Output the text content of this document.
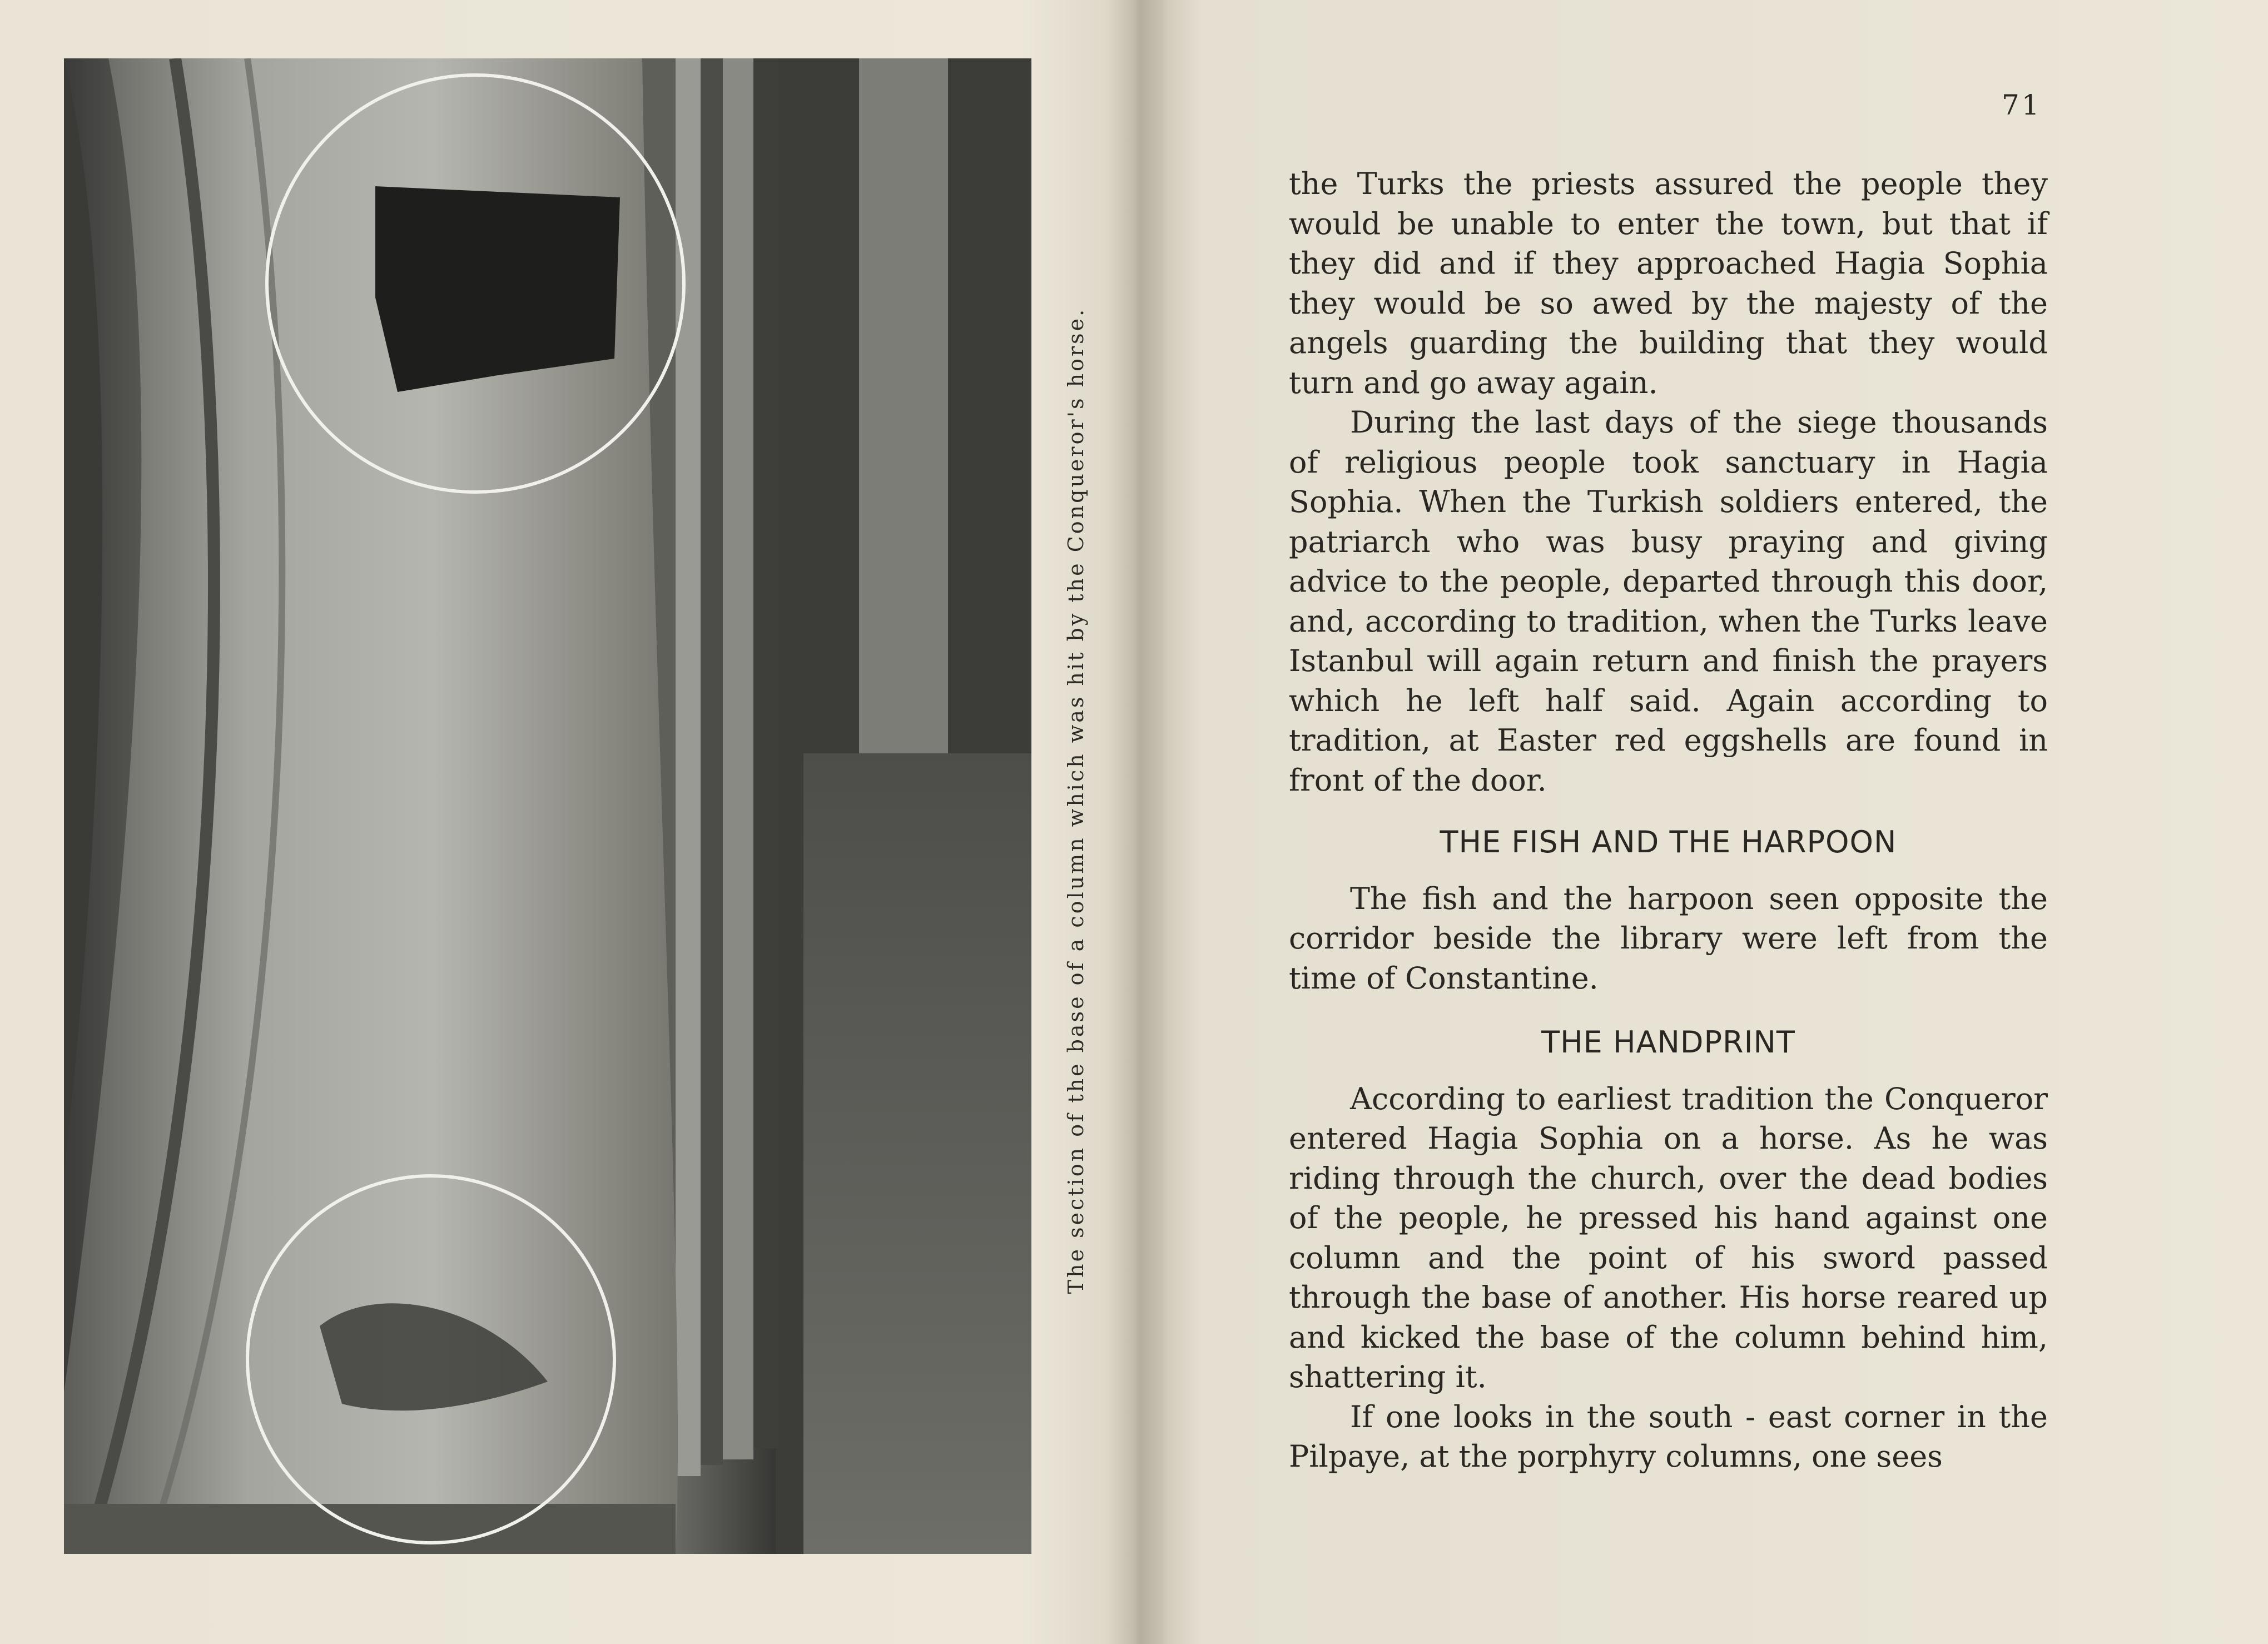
The section of the base of a column which was hit by the Conqueror's horse.
71

the Turks the priests assured the people they would be unable to enter the town, but that if they did and if they approached Hagia Sophia they would be so awed by the majesty of the angels guarding the building that they would turn and go away again.

During the last days of the siege thousands of religious people took sanctuary in Hagia Sophia. When the Turkish soldiers entered, the patriarch who was busy praying and giving advice to the people, departed through this door, and, according to tradition, when the Turks leave Istanbul will again return and finish the prayers which he left half said. Again according to tradition, at Easter red eggshells are found in front of the door.

THE FISH AND THE HARPOON

The fish and the harpoon seen opposite the corridor beside the library were left from the time of Constantine.

THE HANDPRINT

According to earliest tradition the Conqueror entered Hagia Sophia on a horse. As he was riding through the church, over the dead bodies of the people, he pressed his hand against one column and the point of his sword passed through the base of another. His horse reared up and kicked the base of the column behind him, shattering it.

If one looks in the south - east corner in the Pilpaye, at the porphyry columns, one sees
